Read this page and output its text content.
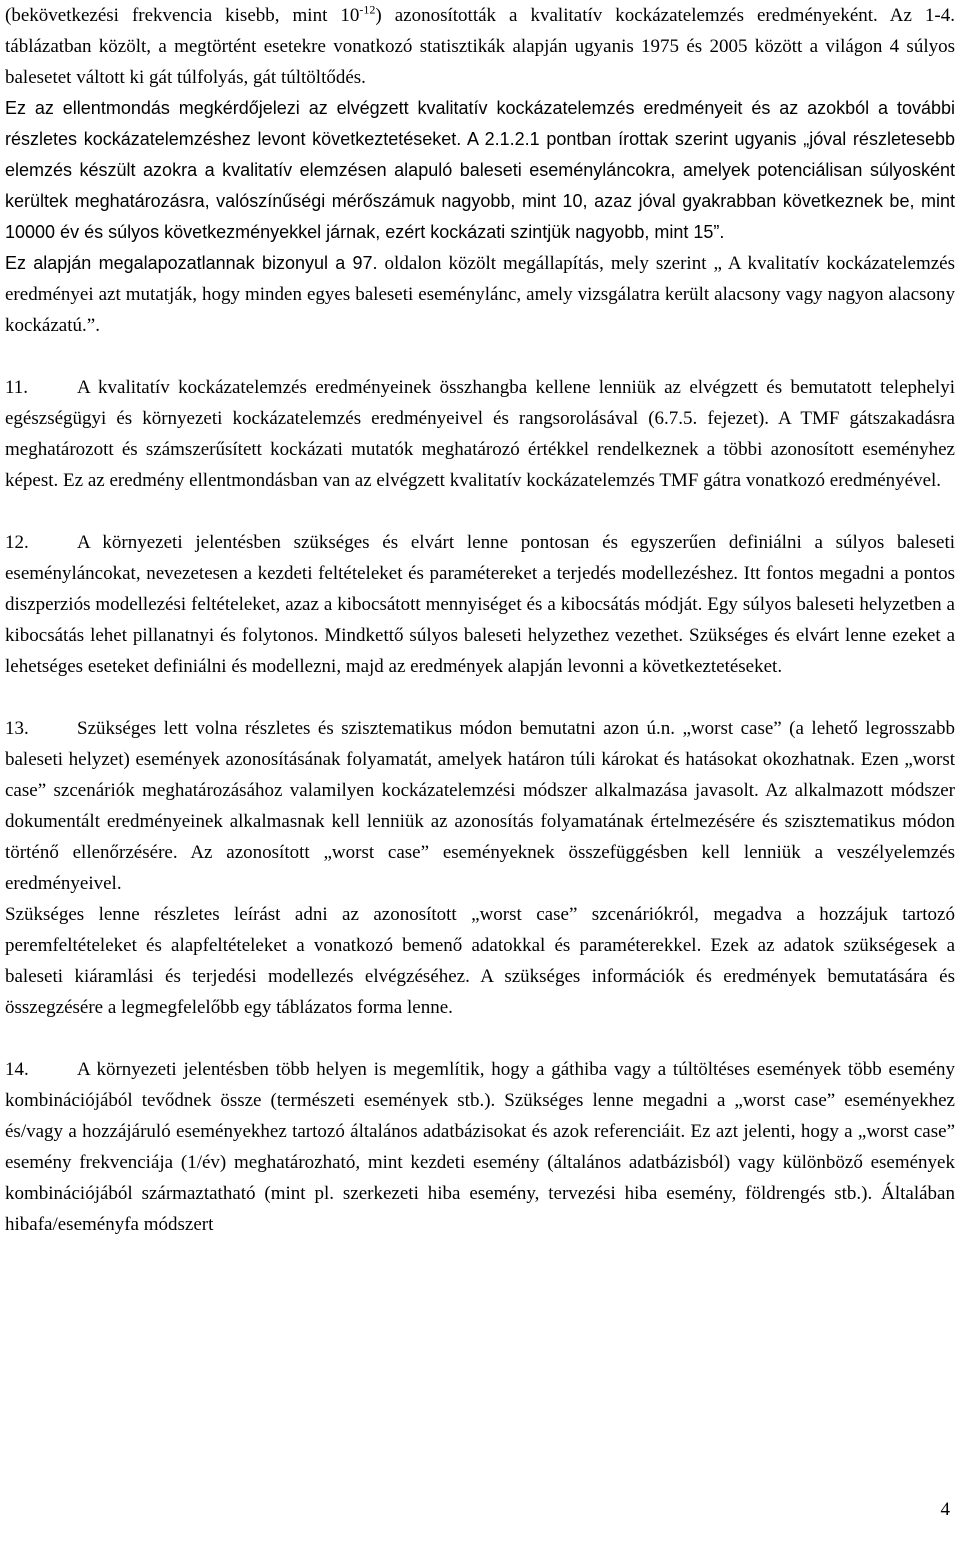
(bekövetkezési frekvencia kisebb, mint $10^{-12}$) azonosították a kvalitatív kockázatelemzés eredményeként. Az 1-4. táblázatban közölt, a megtörtént esetekre vonatkozó statisztikák alapján ugyanis 1975 és 2005 között a világon 4 súlyos balesetet váltott ki gát túlfolyás, gát túltöltődés.

Ez az ellentmondás megkérdőjelezi az elvégzett kvalitatív kockázatelemzés eredményeit és az azokból a további részletes kockázatelemzéshez levont következtetéseket. A 2.1.2.1 pontban írottak szerint ugyanis „jóval részletesebb elemzés készült azokra a kvalitatív elemzésen alapuló baleseti eseményláncokra, amelyek potenciálisan súlyosként kerültek meghatározásra, valószínűségi mérőszámuk nagyobb, mint 10, azaz jóval gyakrabban következnek be, mint 10000 év és súlyos következményekkel járnak, ezért kockázati szintjük nagyobb, mint 15”.

Ez alapján megalapozatlannak bizonyul a 97. oldalon közölt megállapítás, mely szerint „ A kvalitatív kockázatelemzés eredményei azt mutatják, hogy minden egyes baleseti eseménylánc, amely vizsgálatra került alacsony vagy nagyon alacsony kockázatú.”.

11.	A kvalitatív kockázatelemzés eredményeinek összhangba kellene lenniük az elvégzett és bemutatott telephelyi egészségügyi és környezeti kockázatelemzés eredményeivel és rangsorolásával (6.7.5. fejezet). A TMF gátszakadásra meghatározott és számszerűsített kockázati mutatók meghatározó értékkel rendelkeznek a többi azonosított eseményhez képest. Ez az eredmény ellentmondásban van az elvégzett kvalitatív kockázatelemzés TMF gátra vonatkozó eredményével.

12.	A környezeti jelentésben szükséges és elvárt lenne pontosan és egyszerűen definiálni a súlyos baleseti eseményláncokat, nevezetesen a kezdeti feltételeket és paramétereket a terjedés modellezéshez. Itt fontos megadni a pontos diszperziós modellezési feltételeket, azaz a kibocsátott mennyiséget és a kibocsátás módját. Egy súlyos baleseti helyzetben a kibocsátás lehet pillanatnyi és folytonos. Mindkettő súlyos baleseti helyzethez vezethet. Szükséges és elvárt lenne ezeket a lehetséges eseteket definiálni és modellezni, majd az eredmények alapján levonni a következtetéseket.

13.	Szükséges lett volna részletes és szisztematikus módon bemutatni azon ú.n. „worst case” (a lehető legrosszabb baleseti helyzet) események azonosításának folyamatát, amelyek határon túli károkat és hatásokat okozhatnak. Ezen „worst case” szcenáriók meghatározásához valamilyen kockázatelemzési módszer alkalmazása javasolt. Az alkalmazott módszer dokumentált eredményeinek alkalmasnak kell lenniük az azonosítás folyamatának értelmezésére és szisztematikus módon történő ellenőrzésére. Az azonosított „worst case” eseményeknek összefüggésben kell lenniük a veszélyelemzés eredményeivel.

Szükséges lenne részletes leírást adni az azonosított „worst case” szcenáriókról, megadva a hozzájuk tartozó peremfeltételeket és alapfeltételeket a vonatkozó bemenő adatokkal és paraméterekkel. Ezek az adatok szükségesek a baleseti kiáramlási és terjedési modellezés elvégzéséhez. A szükséges információk és eredmények bemutatására és összegzésére a legmegfelelőbb egy táblázatos forma lenne.

14.	A környezeti jelentésben több helyen is megemlítik, hogy a gáthiba vagy a túltöltéses események több esemény kombinációjából tevődnek össze (természeti események stb.). Szükséges lenne megadni a „worst case” eseményekhez és/vagy a hozzájáruló eseményekhez tartozó általános adatbázisokat és azok referenciáit. Ez azt jelenti, hogy a „worst case” esemény frekvenciája (1/év) meghatározható, mint kezdeti esemény (általános adatbázisból) vagy különböző események kombinációjából származtatható (mint pl. szerkezeti hiba esemény, tervezési hiba esemény, földrengés stb.). Általában hibafa/eseményfa módszert

4
